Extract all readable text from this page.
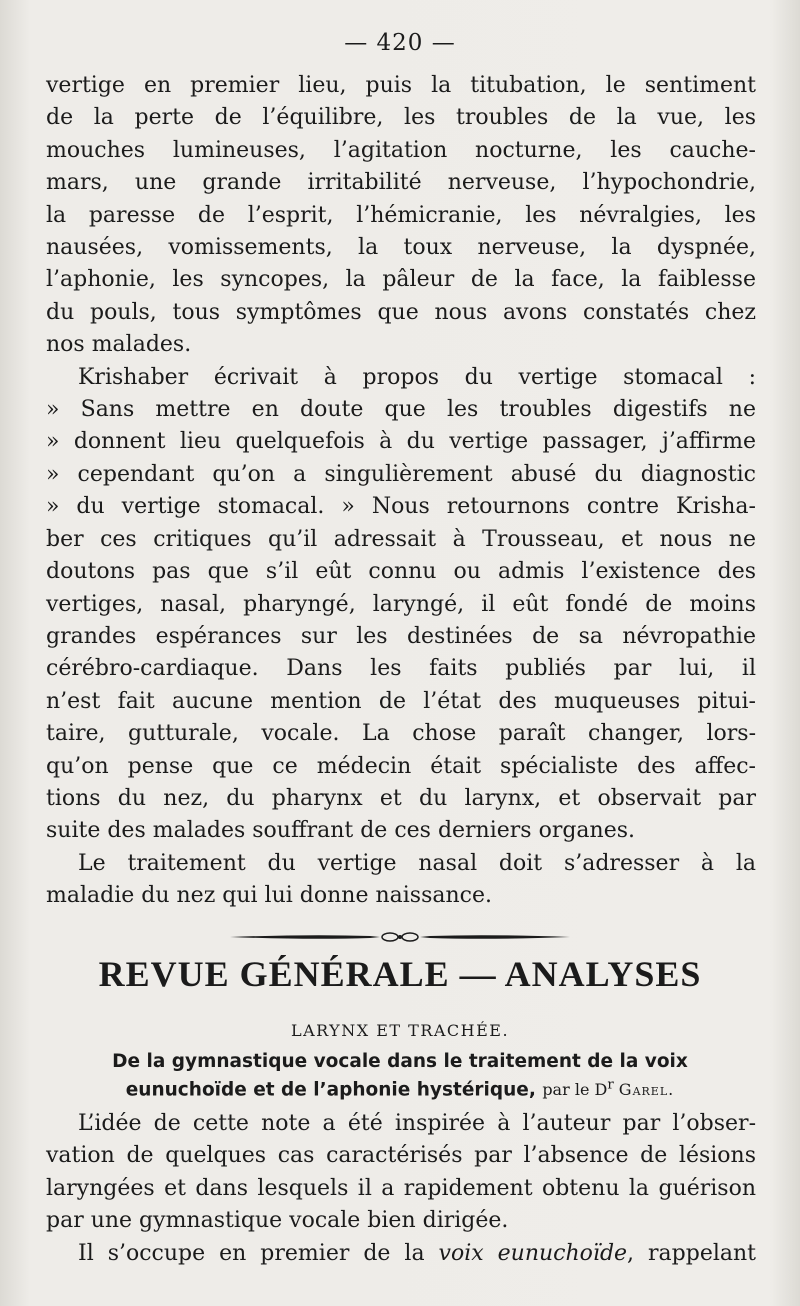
— 420 —

vertige en premier lieu, puis la titubation, le sentiment
de la perte de l’équilibre, les troubles de la vue, les
mouches lumineuses, l’agitation nocturne, les cauche-
mars, une grande irritabilité nerveuse, l’hypochondrie,
la paresse de l’esprit, l’hémicranie, les névralgies, les
nausées, vomissements, la toux nerveuse, la dyspnée,
l’aphonie, les syncopes, la pâleur de la face, la faiblesse
du pouls, tous symptômes que nous avons constatés chez
nos malades.

Krishaber écrivait à propos du vertige stomacal :
» Sans mettre en doute que les troubles digestifs ne
» donnent lieu quelquefois à du vertige passager, j’affirme
» cependant qu’on a singulièrement abusé du diagnostic
» du vertige stomacal. » Nous retournons contre Krisha-
ber ces critiques qu’il adressait à Trousseau, et nous ne
doutons pas que s’il eût connu ou admis l’existence des
vertiges, nasal, pharyngé, laryngé, il eût fondé de moins
grandes espérances sur les destinées de sa névropathie
cérébro-cardiaque. Dans les faits publiés par lui, il
n’est fait aucune mention de l’état des muqueuses pitui-
taire, gutturale, vocale. La chose paraît changer, lors-
qu’on pense que ce médecin était spécialiste des affec-
tions du nez, du pharynx et du larynx, et observait par
suite des malades souffrant de ces derniers organes.

Le traitement du vertige nasal doit s’adresser à la
maladie du nez qui lui donne naissance.

REVUE GÉNÉRALE — ANALYSES
LARYNX ET TRACHÉE.
De la gymnastique vocale dans le traitement de la voix
eunuchoïde et de l’aphonie hystérique, par le $D^r$ Garel.

L’idée de cette note a été inspirée à l’auteur par l’obser-
vation de quelques cas caractérisés par l’absence de lésions
laryngées et dans lesquels il a rapidement obtenu la guérison
par une gymnastique vocale bien dirigée.

Il s’occupe en premier de la voix eunuchoïde, rappelant
